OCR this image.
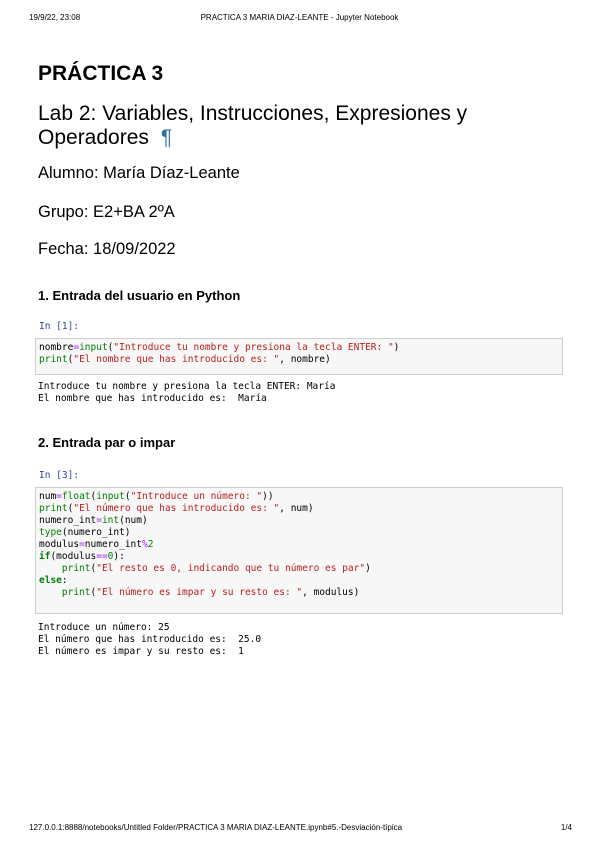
19/9/22, 23:08	PRACTICA 3 MARIA DIAZ-LEANTE - Jupyter Notebook
PRÁCTICA 3
Lab 2: Variables, Instrucciones, Expresiones y Operadores ¶
Alumno: María Díaz-Leante
Grupo: E2+BA 2ºA
Fecha: 18/09/2022
1. Entrada del usuario en Python
In [1]:
nombre=input("Introduce tu nombre y presiona la tecla ENTER: ")
print("El nombre que has introducido es: ", nombre)
Introduce tu nombre y presiona la tecla ENTER: María
El nombre que has introducido es:  María
2. Entrada par o impar
In [3]:
num=float(input("Introduce un número: "))
print("El número que has introducido es: ", num)
numero_int=int(num)
type(numero_int)
modulus=numero_int%2
if(modulus==0):
print("El resto es 0, indicando que tu número es par")
else:
print("El número es impar y su resto es: ", modulus)
Introduce un número: 25
El número que has introducido es:  25.0
El número es impar y su resto es:  1
127.0.0.1:8888/notebooks/Untitled Folder/PRACTICA 3 MARIA DIAZ-LEANTE.ipynb#5.-Desviación-típica	1/4
